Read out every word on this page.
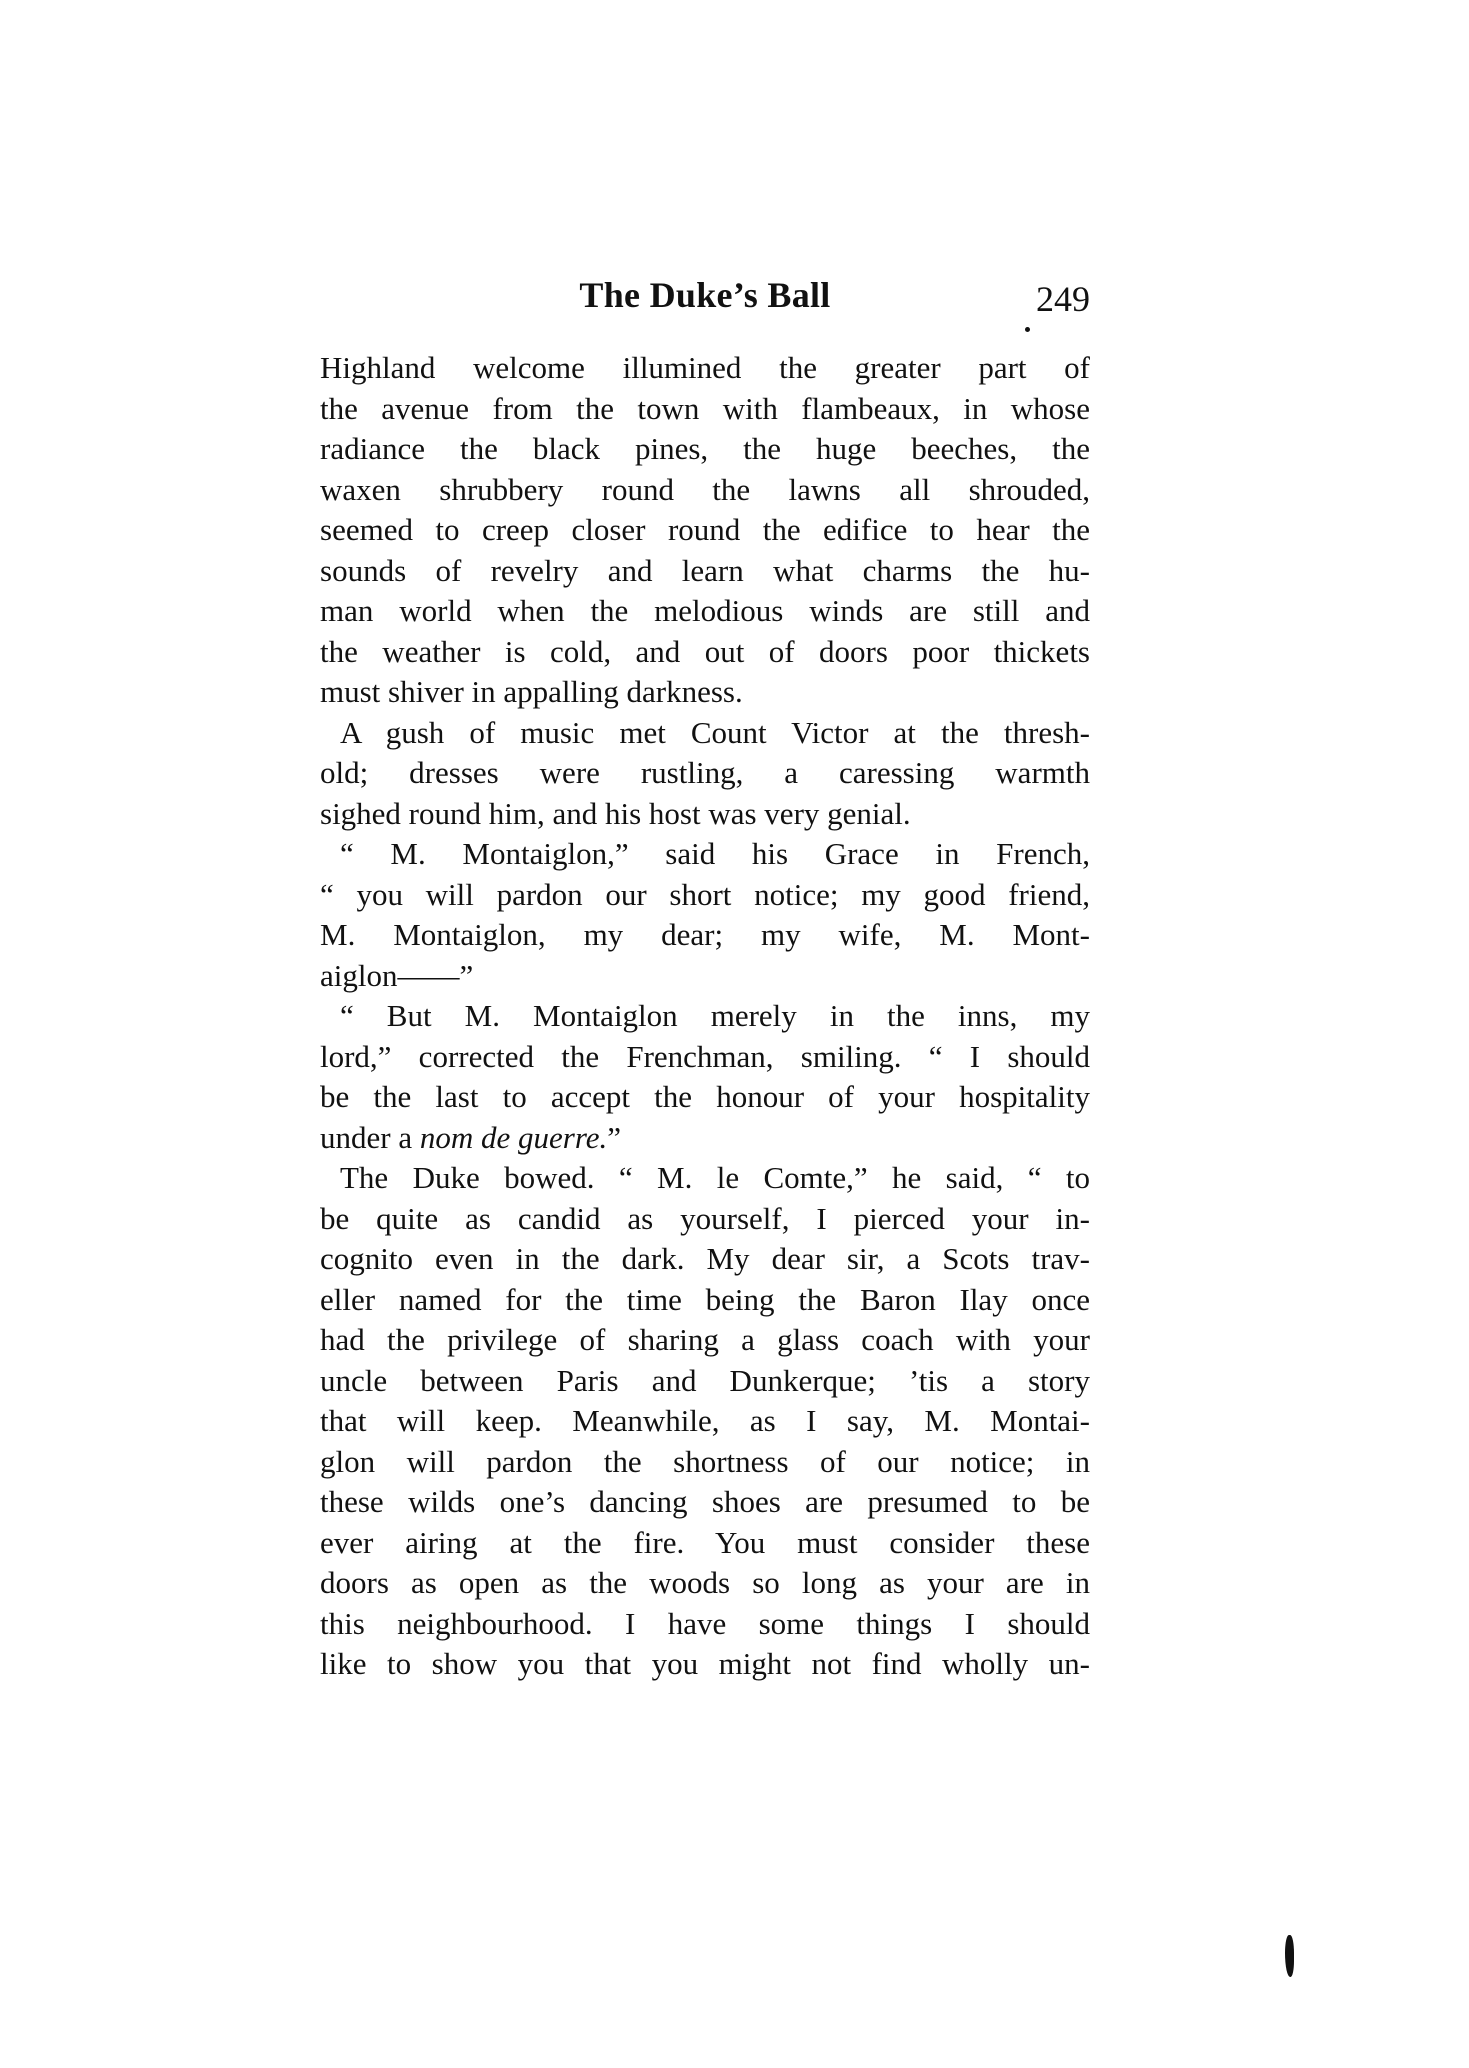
The Duke’s Ball	249

Highland welcome illumined the greater part of
the avenue from the town with flambeaux, in whose
radiance the black pines, the huge beeches, the
waxen shrubbery round the lawns all shrouded,
seemed to creep closer round the edifice to hear the
sounds of revelry and learn what charms the hu-
man world when the melodious winds are still and
the weather is cold, and out of doors poor thickets
must shiver in appalling darkness.

A gush of music met Count Victor at the thresh-
old; dresses were rustling, a caressing warmth
sighed round him, and his host was very genial.

“ M. Montaiglon,” said his Grace in French,
“ you will pardon our short notice; my good friend,
M. Montaiglon, my dear; my wife, M. Mont-
aiglon——”

“ But M. Montaiglon merely in the inns, my
lord,” corrected the Frenchman, smiling. “ I should
be the last to accept the honour of your hospitality
under a nom de guerre.”

The Duke bowed. “ M. le Comte,” he said, “ to
be quite as candid as yourself, I pierced your in-
cognito even in the dark. My dear sir, a Scots trav-
eller named for the time being the Baron Ilay once
had the privilege of sharing a glass coach with your
uncle between Paris and Dunkerque; ’tis a story
that will keep. Meanwhile, as I say, M. Montai-
glon will pardon the shortness of our notice; in
these wilds one’s dancing shoes are presumed to be
ever airing at the fire. You must consider these
doors as open as the woods so long as your are in
this neighbourhood. I have some things I should
like to show you that you might not find wholly un-
